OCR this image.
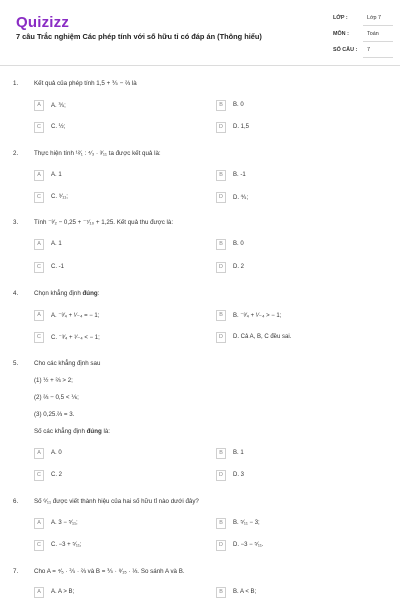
Quizizz
7 câu Trắc nghiệm Các phép tính với số hữu tỉ có đáp án (Thông hiểu)
LỚP :	Lớp 7
MÔN :	Toán
SỐ CÂU : 7
1.	Kết quả của phép tính 1,5 + ⅗ − ⅔ là
A	A. ⅗;	B	B. 0
C	C. ½;	D	D. 1,5
2.	Thực hiện tính ¹²⁄₁ : ⁴⁄₃ · ³⁄₁₁ ta được kết quả là:
A	A. 1	B	B. -1
C	C. ⁹⁄₁₁;	D	D. ⅘;
3.	Tính ⁻³⁄₂ − 0,25 + ⁻⁷⁄₁₀ + 1,25. Kết quả thu được là:
A	A. 1	B	B. 0
C	C. -1	D	D. 2
4.	Chọn khẳng định đúng:
A	A. ⁻³⁄₄ + ¹⁄₋₄ = − 1;	B	B. ⁻³⁄₄ + ¹⁄₋₄ > − 1;
C	C. ⁻³⁄₄ + ¹⁄₋₄ < − 1;	D	D. Cả A, B, C đều sai.
5.	Cho các khẳng định sau
(1) ½ + ⅔ > 2;
(2) ⅔ − 0,5 < ⅙;
(3) 0,25.⅔ = 3.
Số các khẳng định đúng là:
A	A. 0	B	B. 1
C	C. 2	D	D. 3
6.	Số ⁶⁄₁₁ được viết thành hiệu của hai số hữu tỉ nào dưới đây?
A	A. 3 − ⁵⁄₁₁;	B	B. ⁵⁄₁₁ − 3;
C	C. −3 + ⁵⁄₁₁;	D	D. −3 − ⁵⁄₁₁.
7.	Cho A = ⁴⁄₅ · ⅖ · ⅔ và B = ⅗ · ⁸⁄₁₅ · ⅓. So sánh A và B.
A	A. A > B;	B	B. A < B;
